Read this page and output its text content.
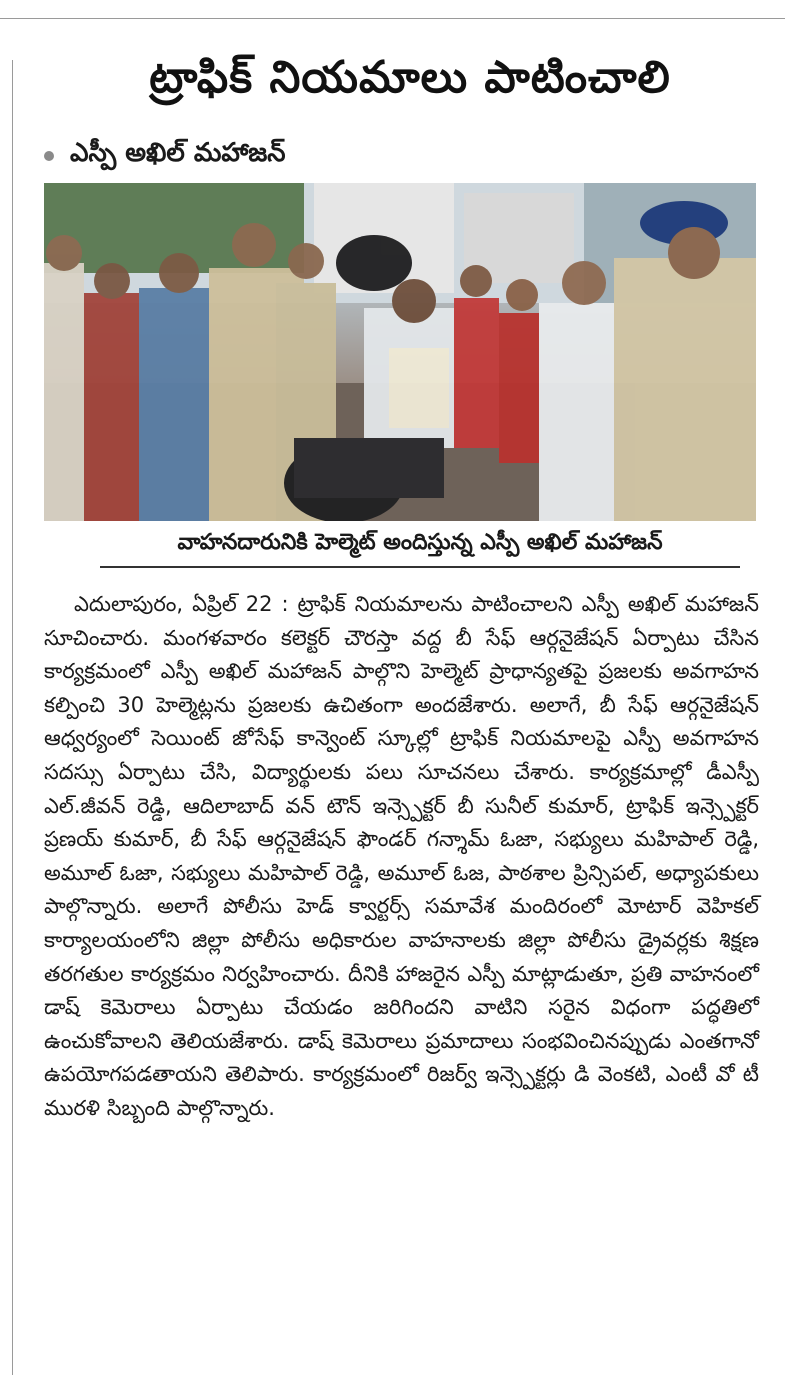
ట్రాఫిక్ నియమాలు పాటించాలి
ఎస్పీ అఖిల్ మహాజన్
వాహనదారునికి హెల్మెట్ అందిస్తున్న ఎస్పీ అఖిల్ మహాజన్
ఎదులాపురం, ఏప్రిల్ 22 : ట్రాఫిక్ నియమాలను పాటించాలని ఎస్పీ అఖిల్ మహాజన్ సూచించారు. మంగళవారం కలెక్టర్ చౌరస్తా వద్ద బీ సేఫ్ ఆర్గనైజేషన్ ఏర్పాటు చేసిన కార్యక్రమంలో ఎస్పీ అఖిల్ మహాజన్ పాల్గొని హెల్మెట్ ప్రాధాన్యతపై ప్రజలకు అవగాహన కల్పించి 30 హెల్మెట్లను ప్రజలకు ఉచితంగా అందజేశారు. అలాగే, బీ సేఫ్ ఆర్గనైజేషన్ ఆధ్వర్యంలో సెయింట్ జోసేఫ్ కాన్వెంట్ స్కూల్లో ట్రాఫిక్ నియమాలపై ఎస్పీ అవగాహన సదస్సు ఏర్పాటు చేసి, విద్యార్థులకు పలు సూచనలు చేశారు. కార్యక్రమాల్లో డీఎస్పీ ఎల్.జీవన్ రెడ్డి, ఆదిలాబాద్ వన్ టౌన్ ఇన్స్పెక్టర్ బీ సునీల్ కుమార్, ట్రాఫిక్ ఇన్స్పెక్టర్ ప్రణయ్ కుమార్, బీ సేఫ్ ఆర్గనైజేషన్ ఫౌండర్ గన్శామ్ ఓజా, సభ్యులు మహిపాల్ రెడ్డి, అమూల్ ఓజా, సభ్యులు మహిపాల్ రెడ్డి, అమూల్ ఓజ, పాఠశాల ప్రిన్సిపల్, అధ్యాపకులు పాల్గొన్నారు. అలాగే పోలీసు హెడ్ క్వార్టర్స్ సమావేశ మందిరంలో మోటార్ వెహికల్ కార్యాలయంలోని జిల్లా పోలీసు అధికారుల వాహనాలకు జిల్లా పోలీసు డ్రైవర్లకు శిక్షణ తరగతుల కార్యక్రమం నిర్వహించారు. దీనికి హాజరైన ఎస్పీ మాట్లాడుతూ, ప్రతి వాహనంలో డాష్ కెమెరాలు ఏర్పాటు చేయడం జరిగిందని వాటిని సరైన విధంగా పద్ధతిలో ఉంచుకోవాలని తెలియజేశారు. డాష్ కెమెరాలు ప్రమాదాలు సంభవించినప్పుడు ఎంతగానో ఉపయోగపడతాయని తెలిపారు. కార్యక్రమంలో రిజర్వ్ ఇన్స్పెక్టర్లు డి వెంకటి, ఎంటీ వో టీ మురళి సిబ్బంది పాల్గొన్నారు.
